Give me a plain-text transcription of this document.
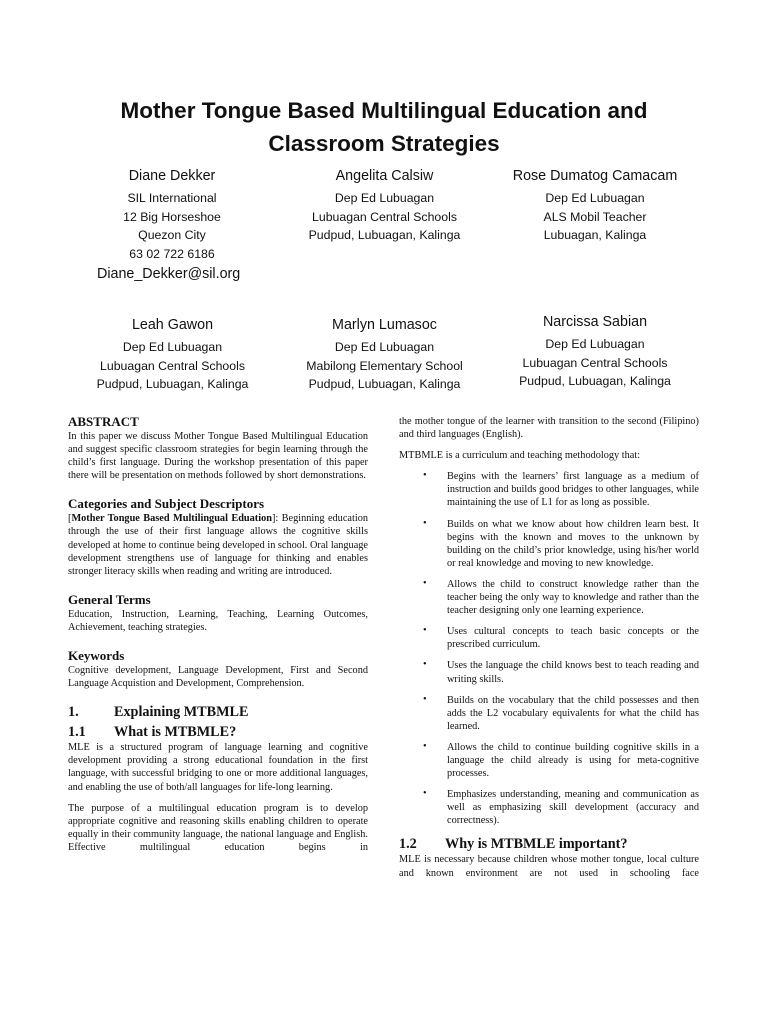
Mother Tongue Based Multilingual Education and
Classroom Strategies
Diane Dekker
SIL International
12 Big Horseshoe
Quezon City
63 02 722 6186
Angelita Calsiw
Dep Ed Lubuagan
Lubuagan Central Schools
Pudpud, Lubuagan, Kalinga
Rose Dumatog Camacam
Dep Ed Lubuagan
ALS Mobil Teacher
Lubuagan, Kalinga
Diane_Dekker@sil.org
Leah Gawon
Dep Ed Lubuagan
Lubuagan Central Schools
Pudpud, Lubuagan, Kalinga
Marlyn Lumasoc
Dep Ed Lubuagan
Mabilong Elementary School
Pudpud, Lubuagan, Kalinga
Narcissa Sabian
Dep Ed Lubuagan
Lubuagan Central Schools
Pudpud, Lubuagan, Kalinga
ABSTRACT

In this paper we discuss Mother Tongue Based Multilingual Education and suggest specific classroom strategies for begin learning through the child’s first language. During the workshop presentation of this paper there will be presentation on methods followed by short demonstrations.

Categories and Subject Descriptors

[Mother Tongue Based Multilingual Eduation]: Beginning education through the use of their first language allows the cognitive skills developed at home to continue being developed in school. Oral language development strengthens use of language for thinking and enables stronger literacy skills when reading and writing are introduced.

General Terms

Education, Instruction, Learning, Teaching, Learning Outcomes, Achievement, teaching strategies.

Keywords

Cognitive development, Language Development, First and Second Language Acquistion and Development, Comprehension.

1. Explaining MTBMLE
1.1 What is MTBMLE?

MLE is a structured program of language learning and cognitive development providing a strong educational foundation in the first language, with successful bridging to one or more additional languages, and enabling the use of both/all languages for life-long learning.

The purpose of a multilingual education program is to develop appropriate cognitive and reasoning skills enabling children to operate equally in their community language, the national language and English. Effective multilingual education begins in

the mother tongue of the learner with transition to the second (Filipino) and third languages (English).

MTBMLE is a curriculum and teaching methodology that:

• Begins with the learners’ first language as a medium of instruction and builds good bridges to other languages, while maintaining the use of L1 for as long as possible.
• Builds on what we know about how children learn best. It begins with the known and moves to the unknown by building on the child’s prior knowledge, using his/her world or real knowledge and moving to new knowledge.
• Allows the child to construct knowledge rather than the teacher being the only way to knowledge and rather than the teacher designing only one learning experience.
• Uses cultural concepts to teach basic concepts or the prescribed curriculum.
• Uses the language the child knows best to teach reading and writing skills.
• Builds on the vocabulary that the child possesses and then adds the L2 vocabulary equivalents for what the child has learned.
• Allows the child to continue building cognitive skills in a language the child already is using for meta-cognitive processes.
• Emphasizes understanding, meaning and communication as well as emphasizing skill development (accuracy and correctness).
1.2 Why is MTBMLE important?

MLE is necessary because children whose mother tongue, local culture and known environment are not used in schooling face
